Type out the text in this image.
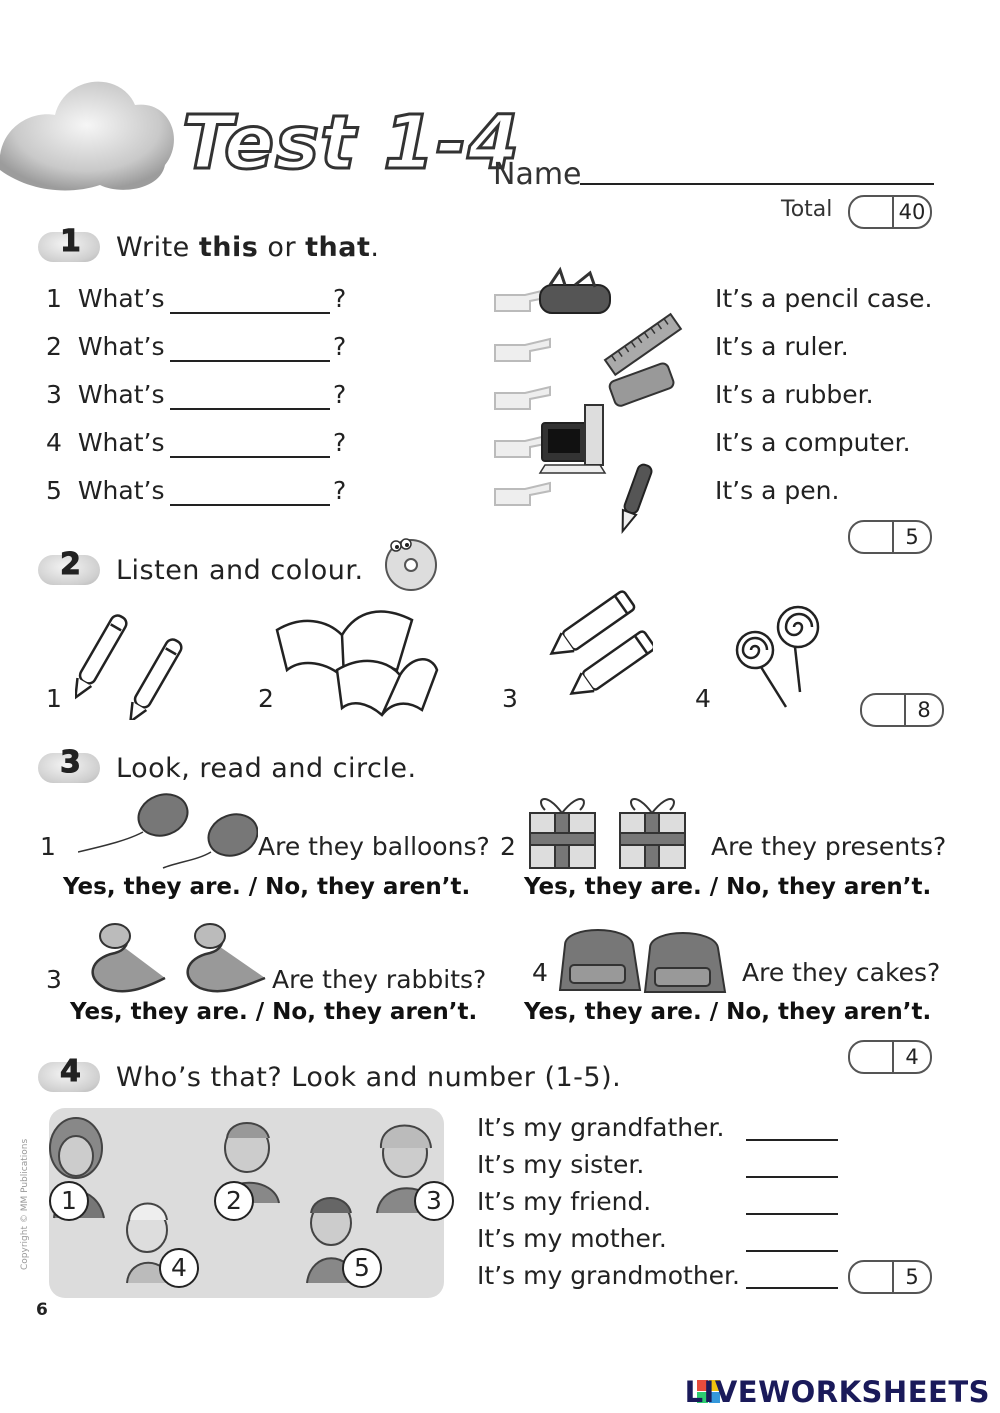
Test 1-4
Name
Total	40
1 Write this or that.
1 What’s	?
2 What’s	?
3 What’s	?
4 What’s	?
5 What’s	?
It’s a pencil case.
It’s a ruler.
It’s a rubber.
It’s a computer.
It’s a pen.
5
2 Listen and colour.
1	2	3	4	8
3 Look, read and circle.
1	Are they balloons?
Yes, they are. / No, they aren’t.
2	Are they presents?
Yes, they are. / No, they aren’t.
3	Are they rabbits?
Yes, they are. / No, they aren’t.
4	Are they cakes?
Yes, they are. / No, they aren’t.
4
4 Who’s that? Look and number (1-5).
1	2	3
4	5
It’s my grandfather.
It’s my sister.
It’s my friend.
It’s my mother.
It’s my grandmother.	5
Copyright © MM Publications
6
LIVEWORKSHEETS
